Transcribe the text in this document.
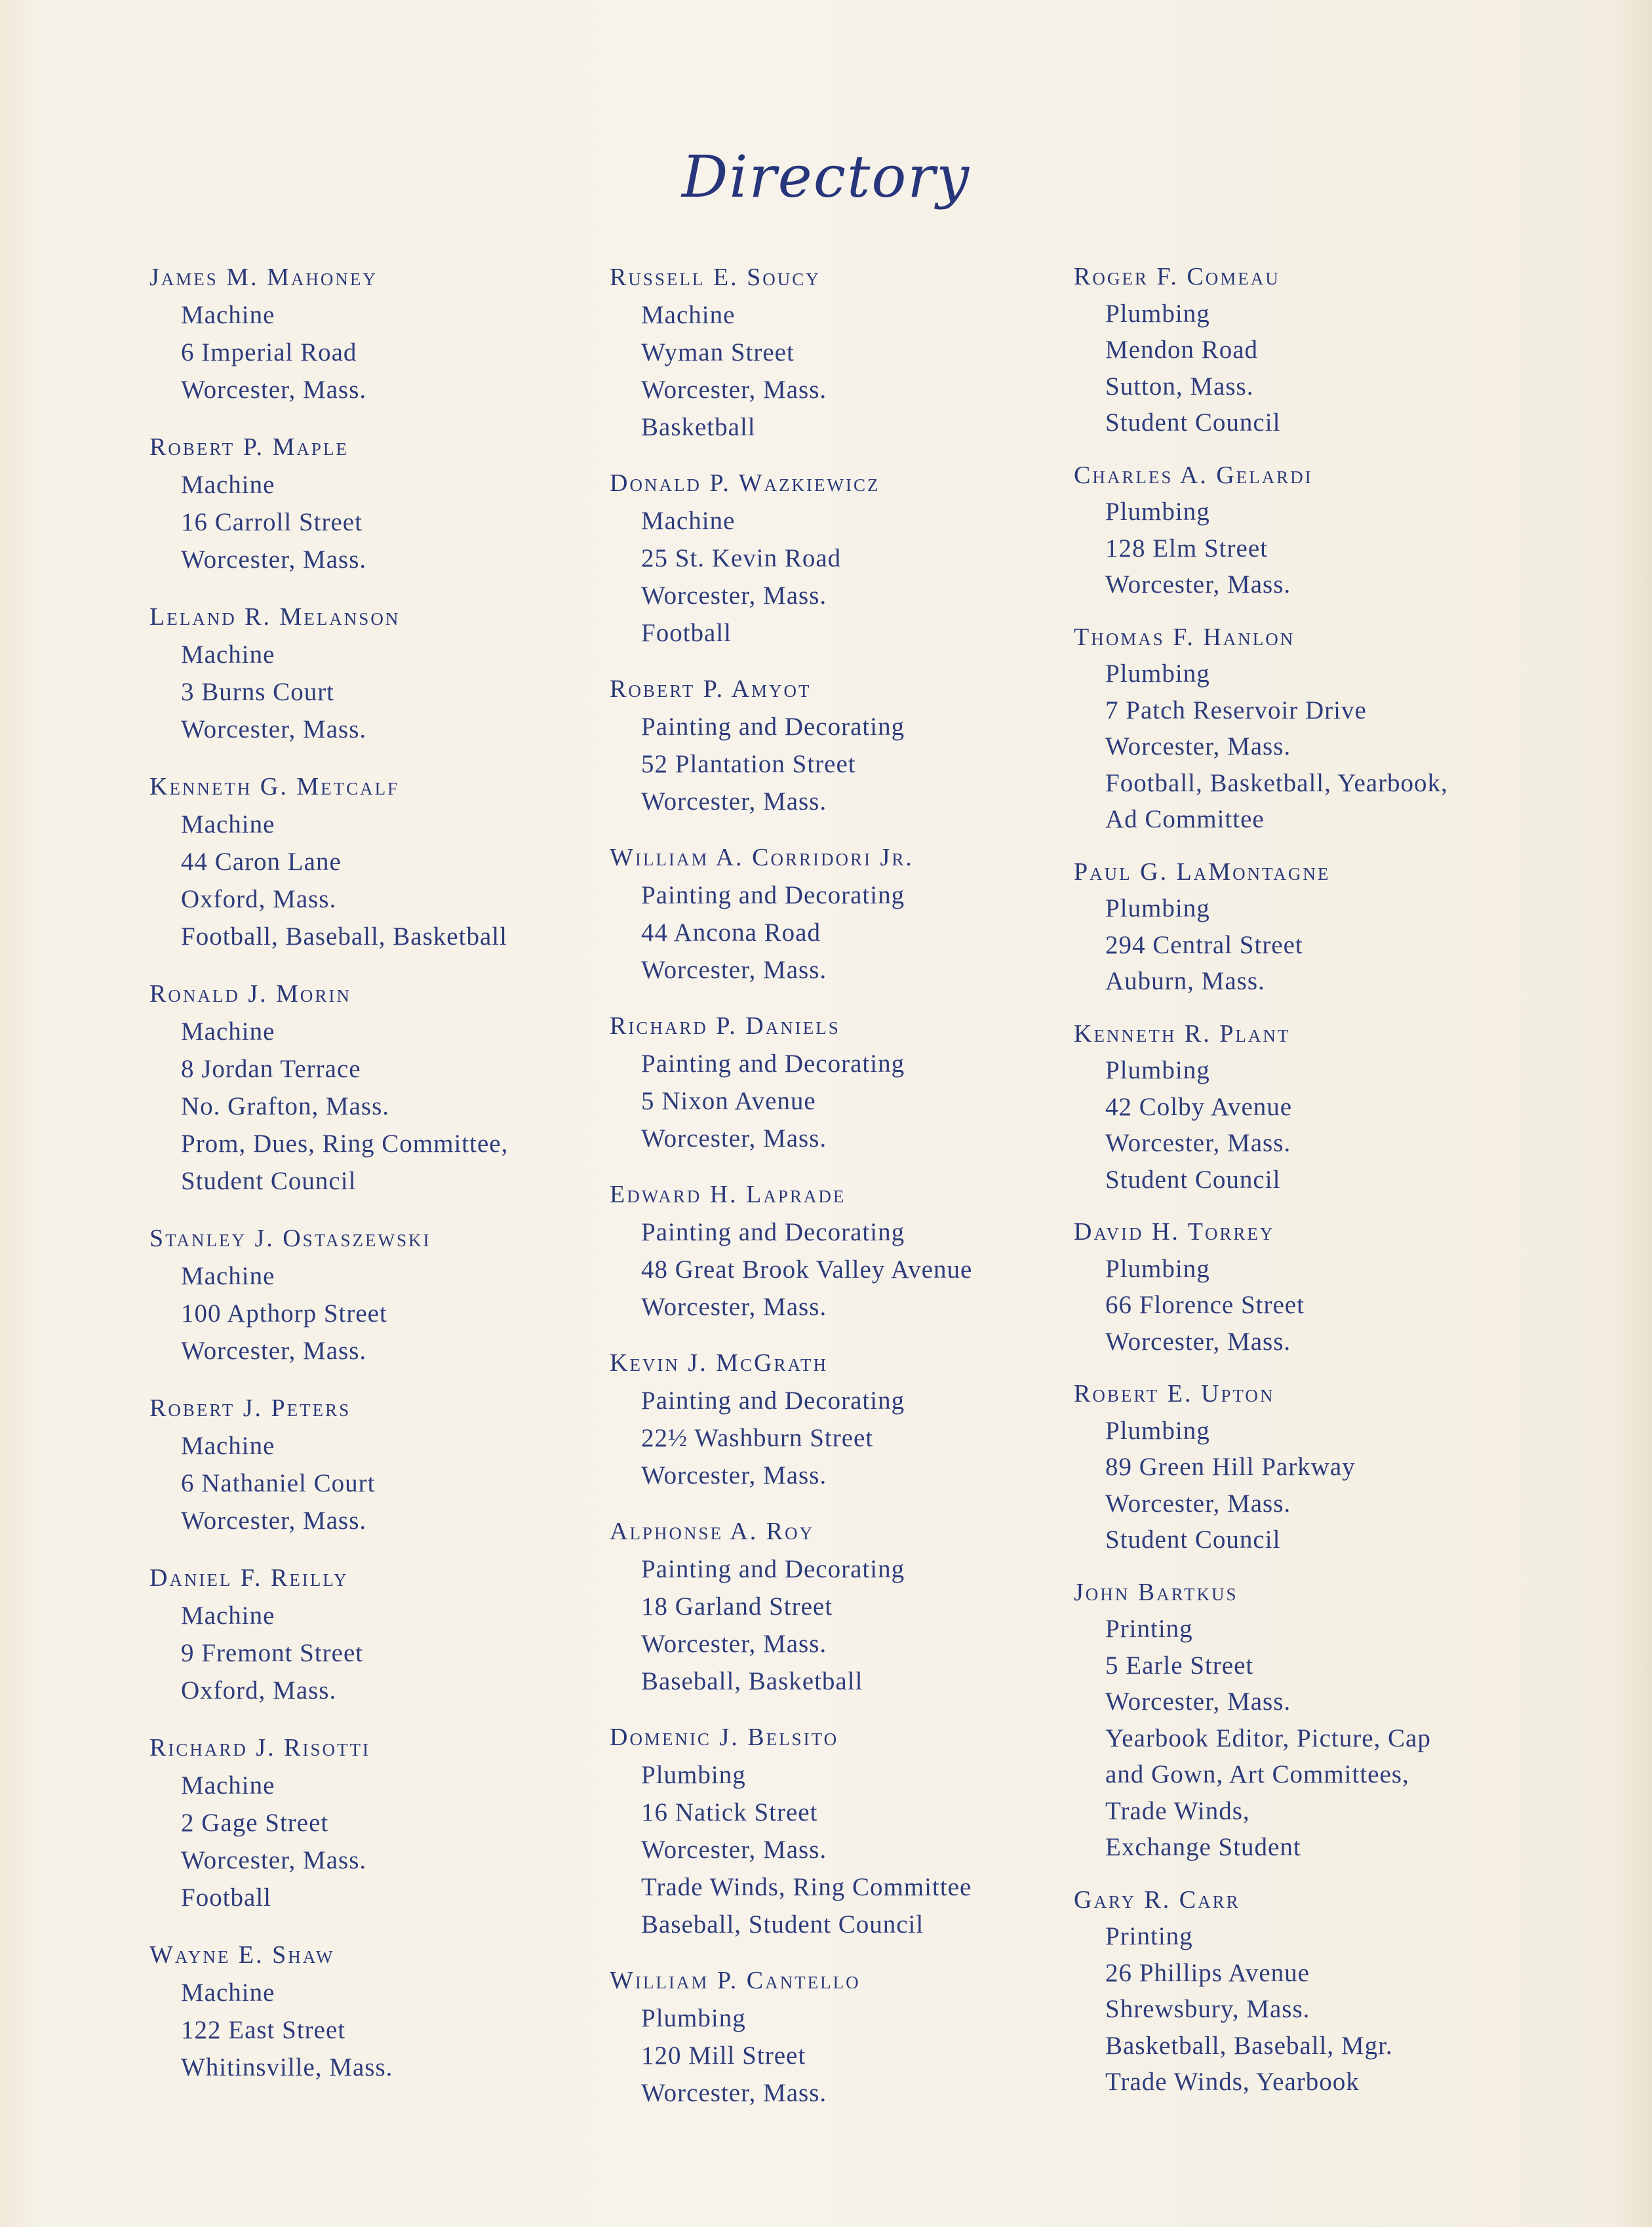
Directory
James M. Mahoney
Machine
6 Imperial Road
Worcester, Mass.
Robert P. Maple
Machine
16 Carroll Street
Worcester, Mass.
Leland R. Melanson
Machine
3 Burns Court
Worcester, Mass.
Kenneth G. Metcalf
Machine
44 Caron Lane
Oxford, Mass.
Football, Baseball, Basketball
Ronald J. Morin
Machine
8 Jordan Terrace
No. Grafton, Mass.
Prom, Dues, Ring Committee,
Student Council
Stanley J. Ostaszewski
Machine
100 Apthorp Street
Worcester, Mass.
Robert J. Peters
Machine
6 Nathaniel Court
Worcester, Mass.
Daniel F. Reilly
Machine
9 Fremont Street
Oxford, Mass.
Richard J. Risotti
Machine
2 Gage Street
Worcester, Mass.
Football
Wayne E. Shaw
Machine
122 East Street
Whitinsville, Mass.
Russell E. Soucy
Machine
Wyman Street
Worcester, Mass.
Basketball
Donald P. Wazkiewicz
Machine
25 St. Kevin Road
Worcester, Mass.
Football
Robert P. Amyot
Painting and Decorating
52 Plantation Street
Worcester, Mass.
William A. Corridori Jr.
Painting and Decorating
44 Ancona Road
Worcester, Mass.
Richard P. Daniels
Painting and Decorating
5 Nixon Avenue
Worcester, Mass.
Edward H. Laprade
Painting and Decorating
48 Great Brook Valley Avenue
Worcester, Mass.
Kevin J. McGrath
Painting and Decorating
22½ Washburn Street
Worcester, Mass.
Alphonse A. Roy
Painting and Decorating
18 Garland Street
Worcester, Mass.
Baseball, Basketball
Domenic J. Belsito
Plumbing
16 Natick Street
Worcester, Mass.
Trade Winds, Ring Committee
Baseball, Student Council
William P. Cantello
Plumbing
120 Mill Street
Worcester, Mass.
Roger F. Comeau
Plumbing
Mendon Road
Sutton, Mass.
Student Council
Charles A. Gelardi
Plumbing
128 Elm Street
Worcester, Mass.
Thomas F. Hanlon
Plumbing
7 Patch Reservoir Drive
Worcester, Mass.
Football, Basketball, Yearbook,
Ad Committee
Paul G. LaMontagne
Plumbing
294 Central Street
Auburn, Mass.
Kenneth R. Plant
Plumbing
42 Colby Avenue
Worcester, Mass.
Student Council
David H. Torrey
Plumbing
66 Florence Street
Worcester, Mass.
Robert E. Upton
Plumbing
89 Green Hill Parkway
Worcester, Mass.
Student Council
John Bartkus
Printing
5 Earle Street
Worcester, Mass.
Yearbook Editor, Picture, Cap
and Gown, Art Committees,
Trade Winds,
Exchange Student
Gary R. Carr
Printing
26 Phillips Avenue
Shrewsbury, Mass.
Basketball, Baseball, Mgr.
Trade Winds, Yearbook
